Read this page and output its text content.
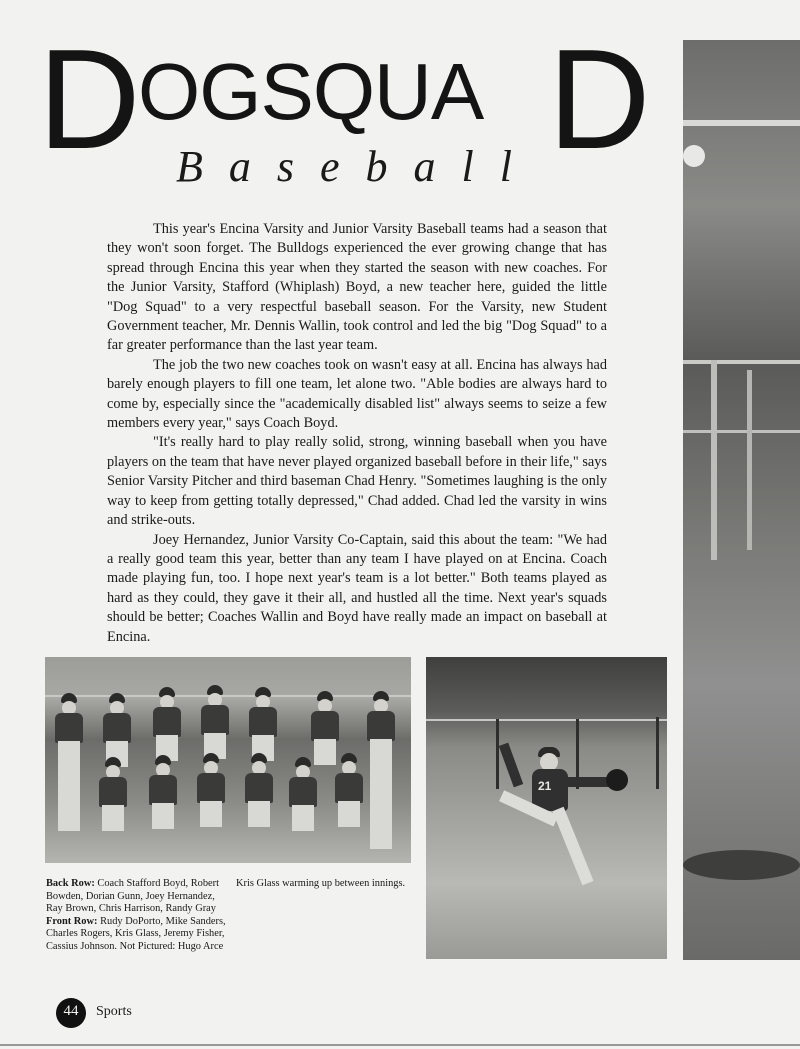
D
OGSQUA D
Baseball

This year's Encina Varsity and Junior Varsity Baseball teams had a season that they won't soon forget. The Bulldogs experienced the ever growing change that has spread through Encina this year when they started the season with new coaches. For the Junior Varsity, Stafford (Whiplash) Boyd, a new teacher here, guided the little "Dog Squad" to a very respectful baseball season. For the Varsity, new Student Government teacher, Mr. Dennis Wallin, took control and led the big "Dog Squad" to a far greater performance than the last year team.

The job the two new coaches took on wasn't easy at all. Encina has always had barely enough players to fill one team, let alone two. "Able bodies are always hard to come by, especially since the "academically disabled list" always seems to seize a few members every year," says Coach Boyd.

"It's really hard to play really solid, strong, winning baseball when you have players on the team that have never played organized baseball before in their life," says Senior Varsity Pitcher and third baseman Chad Henry. "Sometimes laughing is the only way to keep from getting totally depressed," Chad added. Chad led the varsity in wins and strike-outs.

Joey Hernandez, Junior Varsity Co-Captain, said this about the team: "We had a really good team this year, better than any team I have played on at Encina. Coach made playing fun, too. I hope next year's team is a lot better." Both teams played as hard as they could, they gave it their all, and hustled all the time. Next year's squads should be better; Coaches Wallin and Boyd have really made an impact on baseball at Encina.

21
Back Row: Coach Stafford Boyd, Robert Bowden, Dorian Gunn, Joey Hernandez, Ray Brown, Chris Harrison, Randy Gray Front Row: Rudy DoPorto, Mike Sanders, Charles Rogers, Kris Glass, Jeremy Fisher, Cassius Johnson. Not Pictured: Hugo Arce
Kris Glass warming up between innings.
44	Sports
